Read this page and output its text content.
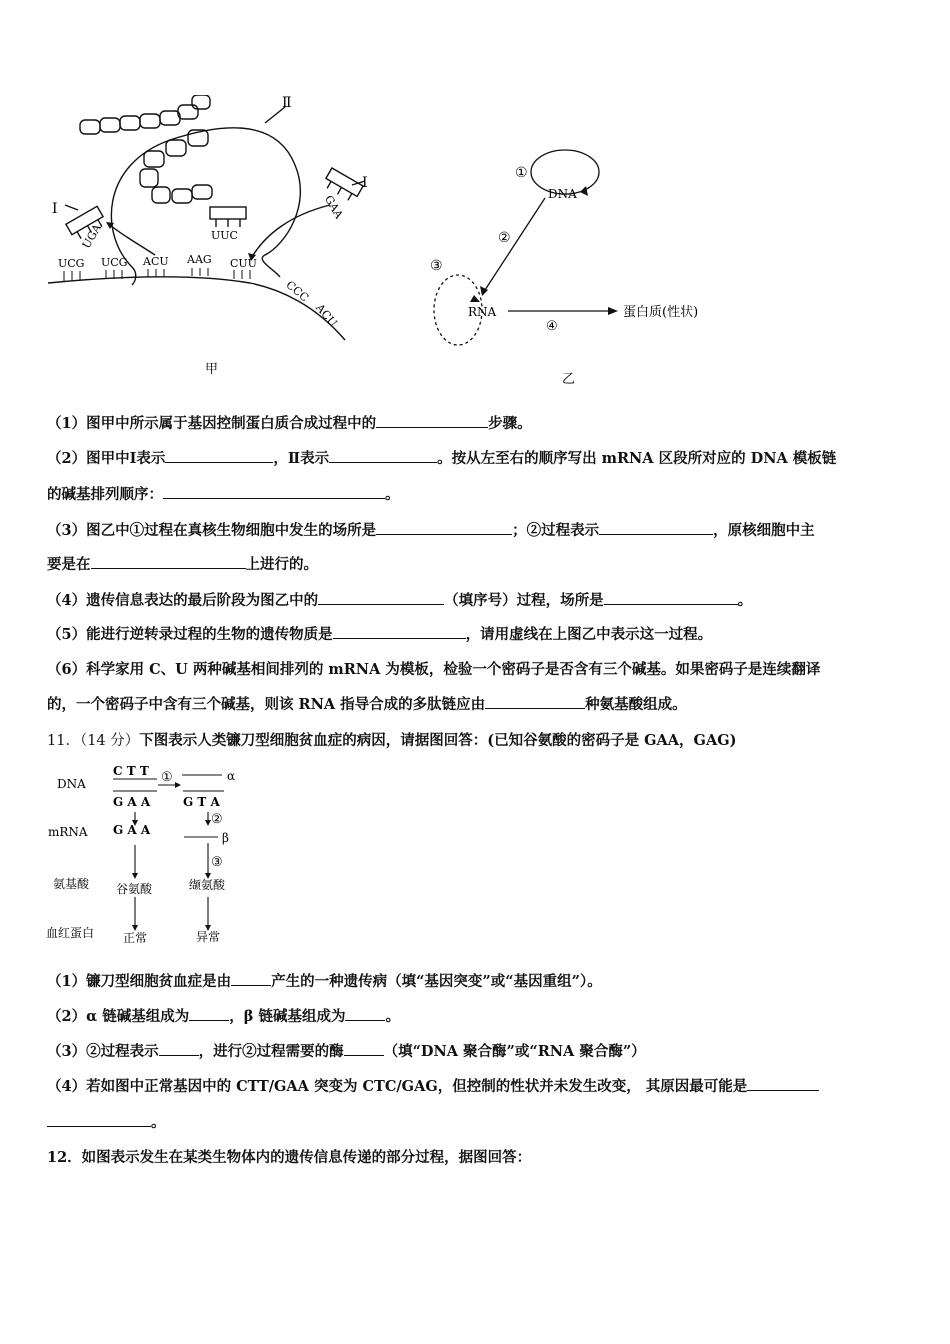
Ⅱ
Ⅰ
Ⅰ
UGA	UUC
GAA
UCG UCG ACU AAG CUU
CCC
ACU
甲
①
DNA
②
③
RNA
④
蛋白质(性状)
乙
（1）图甲中所示属于基因控制蛋白质合成过程中的	步骤。
（2）图甲中Ⅰ表示	，Ⅱ表示	。按从左至右的顺序写出 mRNA 区段所对应的 DNA 模板链
的碱基排列顺序：	。
（3）图乙中①过程在真核生物细胞中发生的场所是	；②过程表示	，原核细胞中主
要是在	上进行的。
（4）遗传信息表达的最后阶段为图乙中的	（填序号）过程，场所是	。
（5）能进行逆转录过程的生物的遗传物质是	，请用虚线在上图乙中表示这一过程。
（6）科学家用 C、U 两种碱基相间排列的 mRNA 为模板，检验一个密码子是否含有三个碱基。如果密码子是连续翻译
的，一个密码子中含有三个碱基，则该 RNA 指导合成的多肽链应由	种氨基酸组成。
11．（14 分）下图表示人类镰刀型细胞贫血症的病因，请据图回答：(已知谷氨酸的密码子是 GAA，GAG)
DNA
mRNA
氨基酸
血红蛋白
C T T ①	α
G A A	G T A
②
G A A
β
③
谷氨酸	缬氨酸
正常	异常
（1）镰刀型细胞贫血症是由	产生的一种遗传病（填“基因突变”或“基因重组”）。
（2）α 链碱基组成为	，β 链碱基组成为	。
（3）②过程表示	，进行②过程需要的酶	（填“DNA 聚合酶”或“RNA 聚合酶”）
（4）若如图中正常基因中的 CTT/GAA 突变为 CTC/GAG，但控制的性状并未发生改变， 其原因最可能是
。
12．如图表示发生在某类生物体内的遗传信息传递的部分过程，据图回答：
